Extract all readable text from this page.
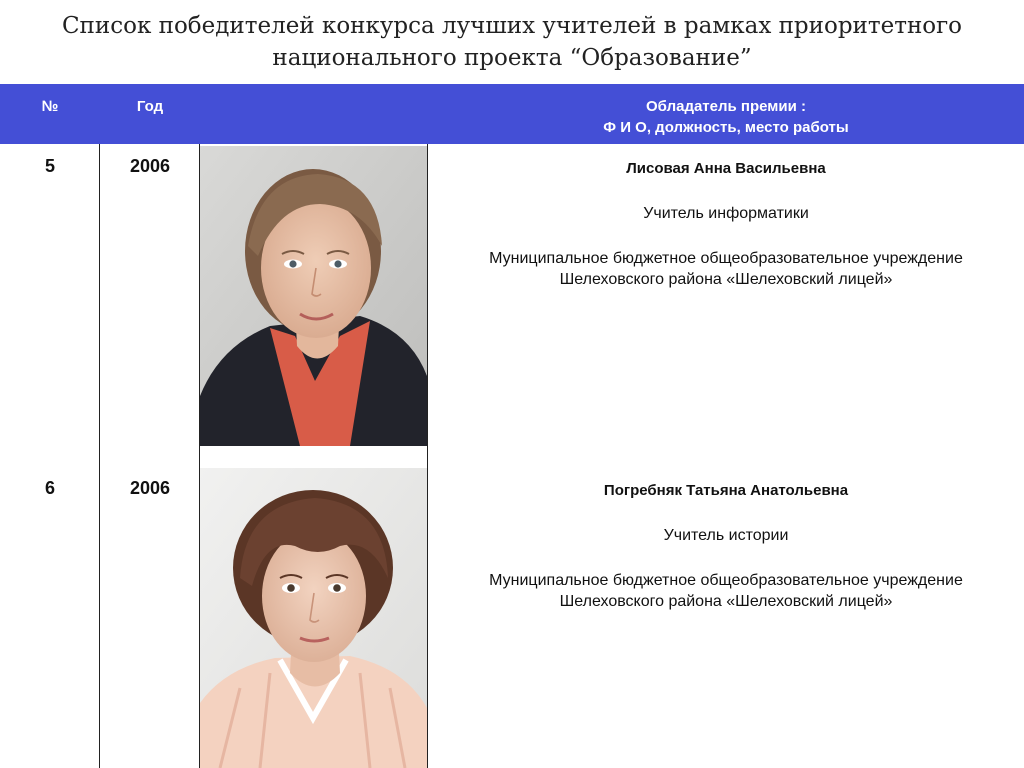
Список победителей конкурса лучших учителей в рамках приоритетного
национального проекта “Образование”
№	Год	Обладатель премии :
Ф И О, должность, место работы
5	2006	Лисовая Анна Васильевна
Учитель информатики
Муниципальное бюджетное общеобразовательное учреждение
Шелеховского района «Шелеховский лицей»
6	2006	Погребняк Татьяна Анатольевна
Учитель истории
Муниципальное бюджетное общеобразовательное учреждение
Шелеховского района «Шелеховский лицей»
